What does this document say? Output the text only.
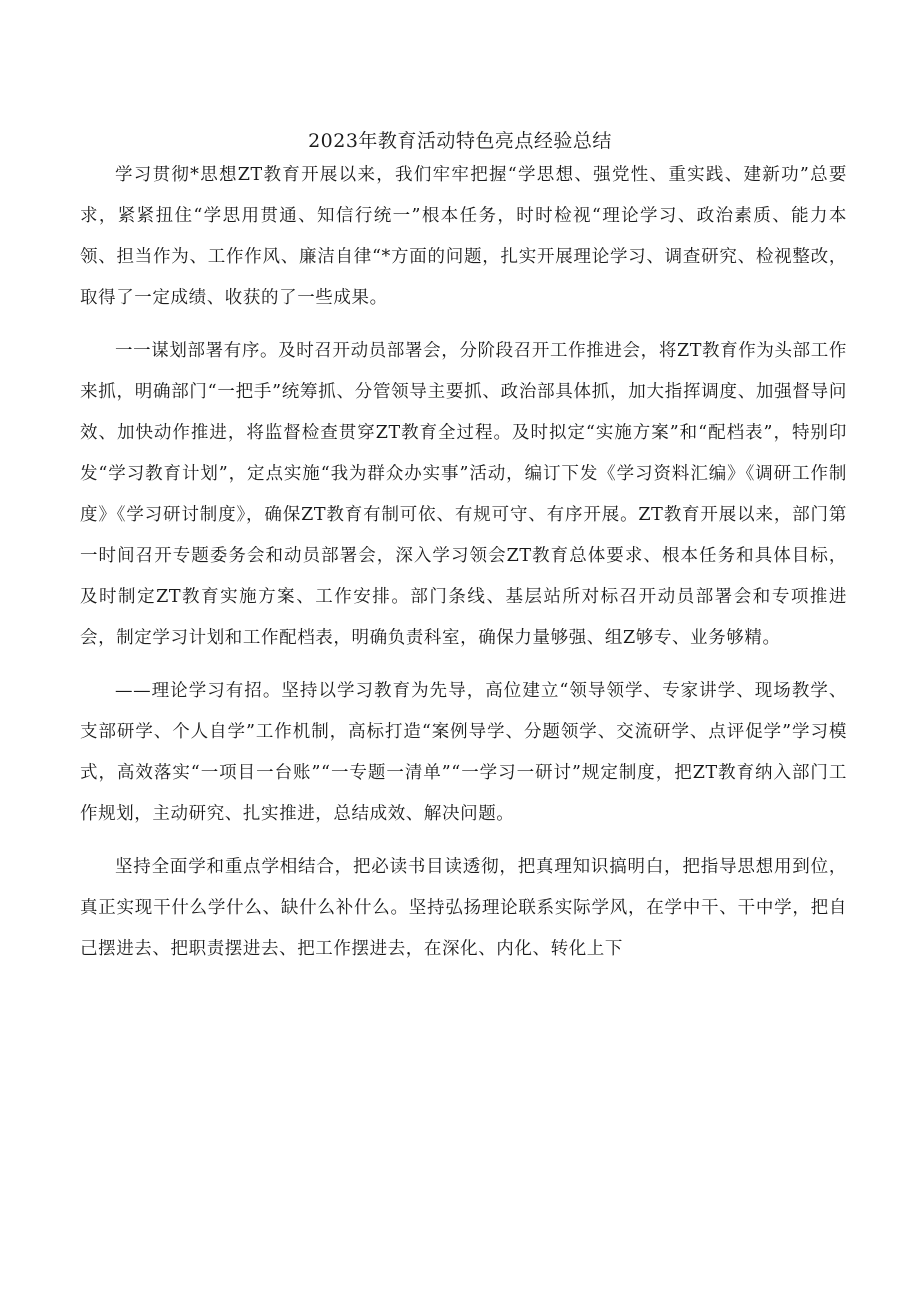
2023年教育活动特色亮点经验总结

学习贯彻*思想ZT教育开展以来，我们牢牢把握“学思想、强党性、重实践、建新功”总要求，紧紧扭住“学思用贯通、知信行统一”根本任务，时时检视“理论学习、政治素质、能力本领、担当作为、工作作风、廉洁自律“*方面的问题，扎实开展理论学习、调查研究、检视整改，取得了一定成绩、收获的了一些成果。

一一谋划部署有序。及时召开动员部署会，分阶段召开工作推进会，将ZT教育作为头部工作来抓，明确部门“一把手”统筹抓、分管领导主要抓、政治部具体抓，加大指挥调度、加强督导问效、加快动作推进，将监督检查贯穿ZT教育全过程。及时拟定“实施方案”和“配档表”，特别印发“学习教育计划”，定点实施“我为群众办实事”活动，编订下发《学习资料汇编》《调研工作制度》《学习研讨制度》，确保ZT教育有制可依、有规可守、有序开展。ZT教育开展以来，部门第一时间召开专题委务会和动员部署会，深入学习领会ZT教育总体要求、根本任务和具体目标，及时制定ZT教育实施方案、工作安排。部门条线、基层站所对标召开动员部署会和专项推进会，制定学习计划和工作配档表，明确负责科室，确保力量够强、组Z够专、业务够精。

——理论学习有招。坚持以学习教育为先导，高位建立“领导领学、专家讲学、现场教学、支部研学、个人自学”工作机制，高标打造“案例导学、分题领学、交流研学、点评促学”学习模式，高效落实“一项目一台账”“一专题一清单”“一学习一研讨”规定制度，把ZT教育纳入部门工作规划，主动研究、扎实推进，总结成效、解决问题。

坚持全面学和重点学相结合，把必读书目读透彻，把真理知识搞明白，把指导思想用到位，真正实现干什么学什么、缺什么补什么。坚持弘扬理论联系实际学风，在学中干、干中学，把自己摆进去、把职责摆进去、把工作摆进去，在深化、内化、转化上下
